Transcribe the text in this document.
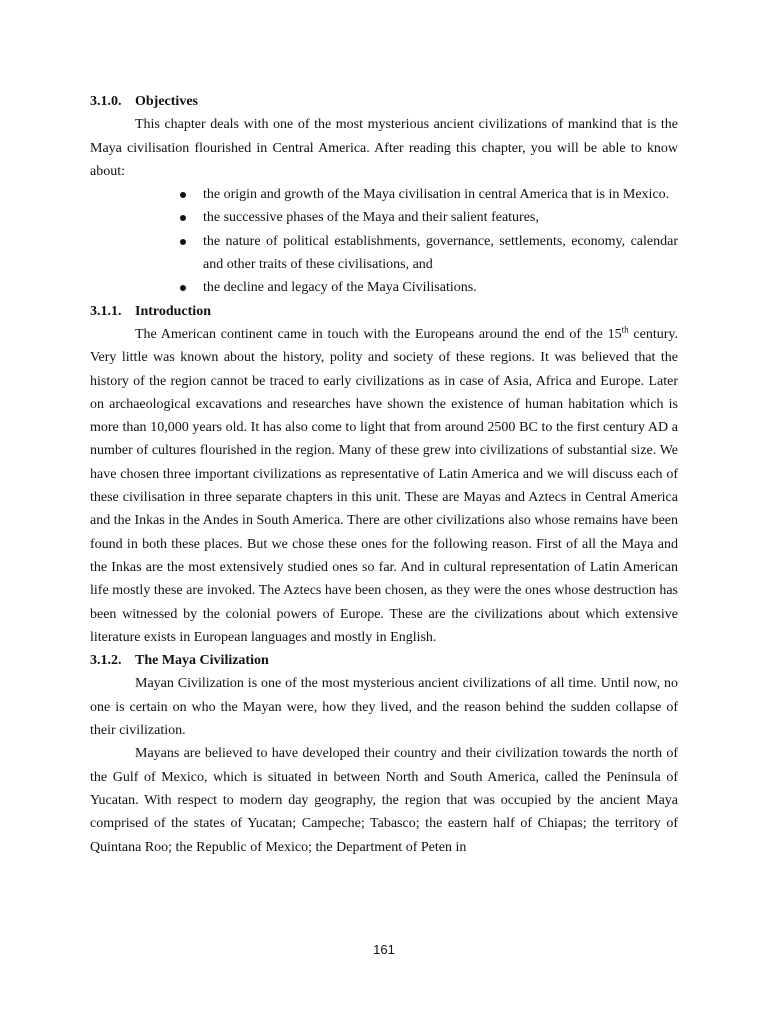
3.1.0. Objectives

This chapter deals with one of the most mysterious ancient civilizations of mankind that is the Maya civilisation flourished in Central America. After reading this chapter, you will be able to know about:

the origin and growth of the Maya civilisation in central America that is in Mexico.
the successive phases of the Maya and their salient features,
the nature of political establishments, governance, settlements, economy, calendar and other traits of these civilisations, and
the decline and legacy of the Maya Civilisations.
3.1.1. Introduction

The American continent came in touch with the Europeans around the end of the 15th century. Very little was known about the history, polity and society of these regions. It was believed that the history of the region cannot be traced to early civilizations as in case of Asia, Africa and Europe. Later on archaeological excavations and researches have shown the existence of human habitation which is more than 10,000 years old. It has also come to light that from around 2500 BC to the first century AD a number of cultures flourished in the region. Many of these grew into civilizations of substantial size. We have chosen three important civilizations as representative of Latin America and we will discuss each of these civilisation in three separate chapters in this unit. These are Mayas and Aztecs in Central America and the Inkas in the Andes in South America. There are other civilizations also whose remains have been found in both these places. But we chose these ones for the following reason. First of all the Maya and the Inkas are the most extensively studied ones so far. And in cultural representation of Latin American life mostly these are invoked. The Aztecs have been chosen, as they were the ones whose destruction has been witnessed by the colonial powers of Europe. These are the civilizations about which extensive literature exists in European languages and mostly in English.

3.1.2. The Maya Civilization

Mayan Civilization is one of the most mysterious ancient civilizations of all time. Until now, no one is certain on who the Mayan were, how they lived, and the reason behind the sudden collapse of their civilization.

Mayans are believed to have developed their country and their civilization towards the north of the Gulf of Mexico, which is situated in between North and South America, called the Peninsula of Yucatan. With respect to modern day geography, the region that was occupied by the ancient Maya comprised of the states of Yucatan; Campeche; Tabasco; the eastern half of Chiapas; the territory of Quintana Roo; the Republic of Mexico; the Department of Peten in

161
